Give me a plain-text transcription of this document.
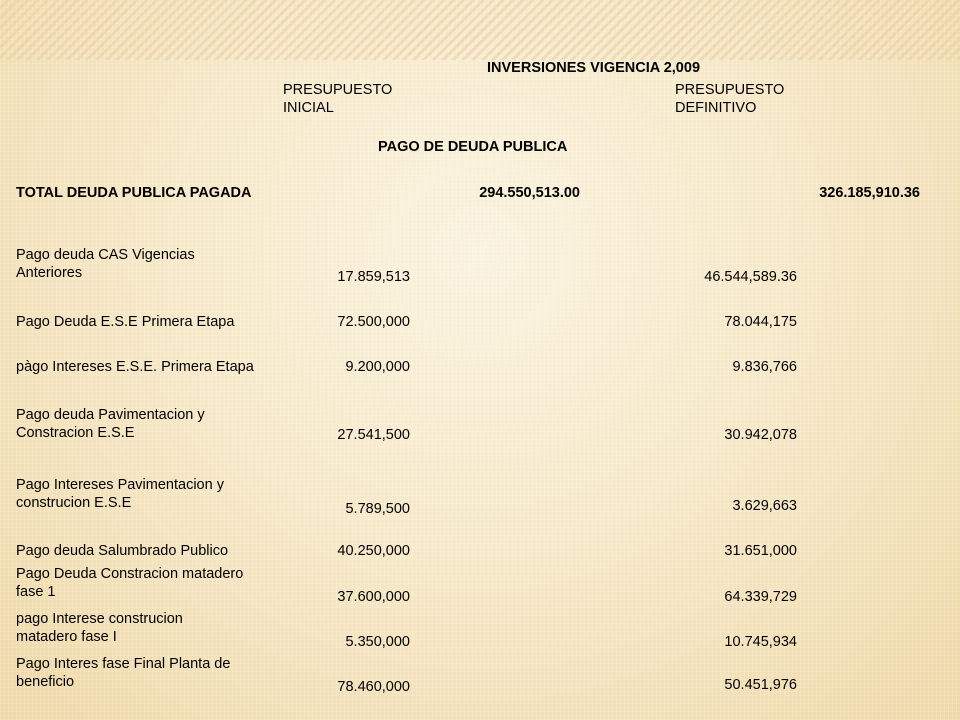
INVERSIONES VIGENCIA 2,009
PRESUPUESTO
INICIAL
PRESUPUESTO
DEFINITIVO
PAGO DE DEUDA PUBLICA
TOTAL DEUDA PUBLICA PAGADA	294.550,513.00	326.185,910.36
Pago deuda CAS Vigencias
Anteriores	17.859,513	46.544,589.36
Pago Deuda E.S.E Primera Etapa	72.500,000	78.044,175
pàgo Intereses E.S.E. Primera Etapa	9.200,000	9.836,766
Pago deuda Pavimentacion y
Constracion E.S.E	27.541,500	30.942,078
Pago Intereses Pavimentacion y
construcion E.S.E	5.789,500	3.629,663
Pago deuda Salumbrado Publico	40.250,000	31.651,000
Pago Deuda Constracion matadero
fase 1	37.600,000	64.339,729
pago Interese construcion
matadero fase I	5.350,000	10.745,934
Pago Interes fase Final Planta de
beneficio	78.460,000	50.451,976
